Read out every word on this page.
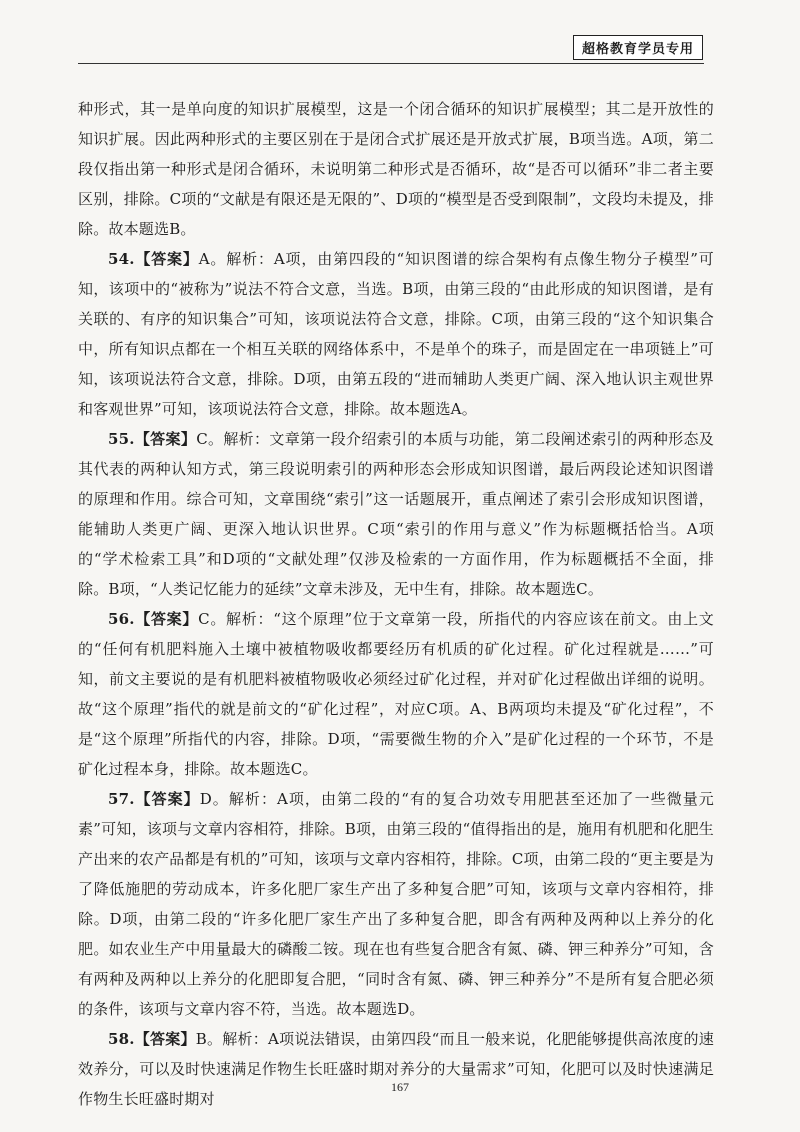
超格教育学员专用

种形式，其一是单向度的知识扩展模型，这是一个闭合循环的知识扩展模型；其二是开放性的知识扩展。因此两种形式的主要区别在于是闭合式扩展还是开放式扩展，B项当选。A项，第二段仅指出第一种形式是闭合循环，未说明第二种形式是否循环，故“是否可以循环”非二者主要区别，排除。C项的“文献是有限还是无限的”、D项的“模型是否受到限制”，文段均未提及，排除。故本题选B。

54.【答案】A。解析：A项，由第四段的“知识图谱的综合架构有点像生物分子模型”可知，该项中的“被称为”说法不符合文意，当选。B项，由第三段的“由此形成的知识图谱，是有关联的、有序的知识集合”可知，该项说法符合文意，排除。C项，由第三段的“这个知识集合中，所有知识点都在一个相互关联的网络体系中，不是单个的珠子，而是固定在一串项链上”可知，该项说法符合文意，排除。D项，由第五段的“进而辅助人类更广阔、深入地认识主观世界和客观世界”可知，该项说法符合文意，排除。故本题选A。

55.【答案】C。解析：文章第一段介绍索引的本质与功能，第二段阐述索引的两种形态及其代表的两种认知方式，第三段说明索引的两种形态会形成知识图谱，最后两段论述知识图谱的原理和作用。综合可知，文章围绕“索引”这一话题展开，重点阐述了索引会形成知识图谱，能辅助人类更广阔、更深入地认识世界。C项“索引的作用与意义”作为标题概括恰当。A项的“学术检索工具”和D项的“文献处理”仅涉及检索的一方面作用，作为标题概括不全面，排除。B项，“人类记忆能力的延续”文章未涉及，无中生有，排除。故本题选C。

56.【答案】C。解析：“这个原理”位于文章第一段，所指代的内容应该在前文。由上文的“任何有机肥料施入土壤中被植物吸收都要经历有机质的矿化过程。矿化过程就是……”可知，前文主要说的是有机肥料被植物吸收必须经过矿化过程，并对矿化过程做出详细的说明。故“这个原理”指代的就是前文的“矿化过程”，对应C项。A、B两项均未提及“矿化过程”，不是“这个原理”所指代的内容，排除。D项，“需要微生物的介入”是矿化过程的一个环节，不是矿化过程本身，排除。故本题选C。

57.【答案】D。解析：A项，由第二段的“有的复合功效专用肥甚至还加了一些微量元素”可知，该项与文章内容相符，排除。B项，由第三段的“值得指出的是，施用有机肥和化肥生产出来的农产品都是有机的”可知，该项与文章内容相符，排除。C项，由第二段的“更主要是为了降低施肥的劳动成本，许多化肥厂家生产出了多种复合肥”可知，该项与文章内容相符，排除。D项，由第二段的“许多化肥厂家生产出了多种复合肥，即含有两种及两种以上养分的化肥。如农业生产中用量最大的磷酸二铵。现在也有些复合肥含有氮、磷、钾三种养分”可知，含有两种及两种以上养分的化肥即复合肥，“同时含有氮、磷、钾三种养分”不是所有复合肥必须的条件，该项与文章内容不符，当选。故本题选D。

58.【答案】B。解析：A项说法错误，由第四段“而且一般来说，化肥能够提供高浓度的速效养分，可以及时快速满足作物生长旺盛时期对养分的大量需求”可知，化肥可以及时快速满足作物生长旺盛时期对

167
